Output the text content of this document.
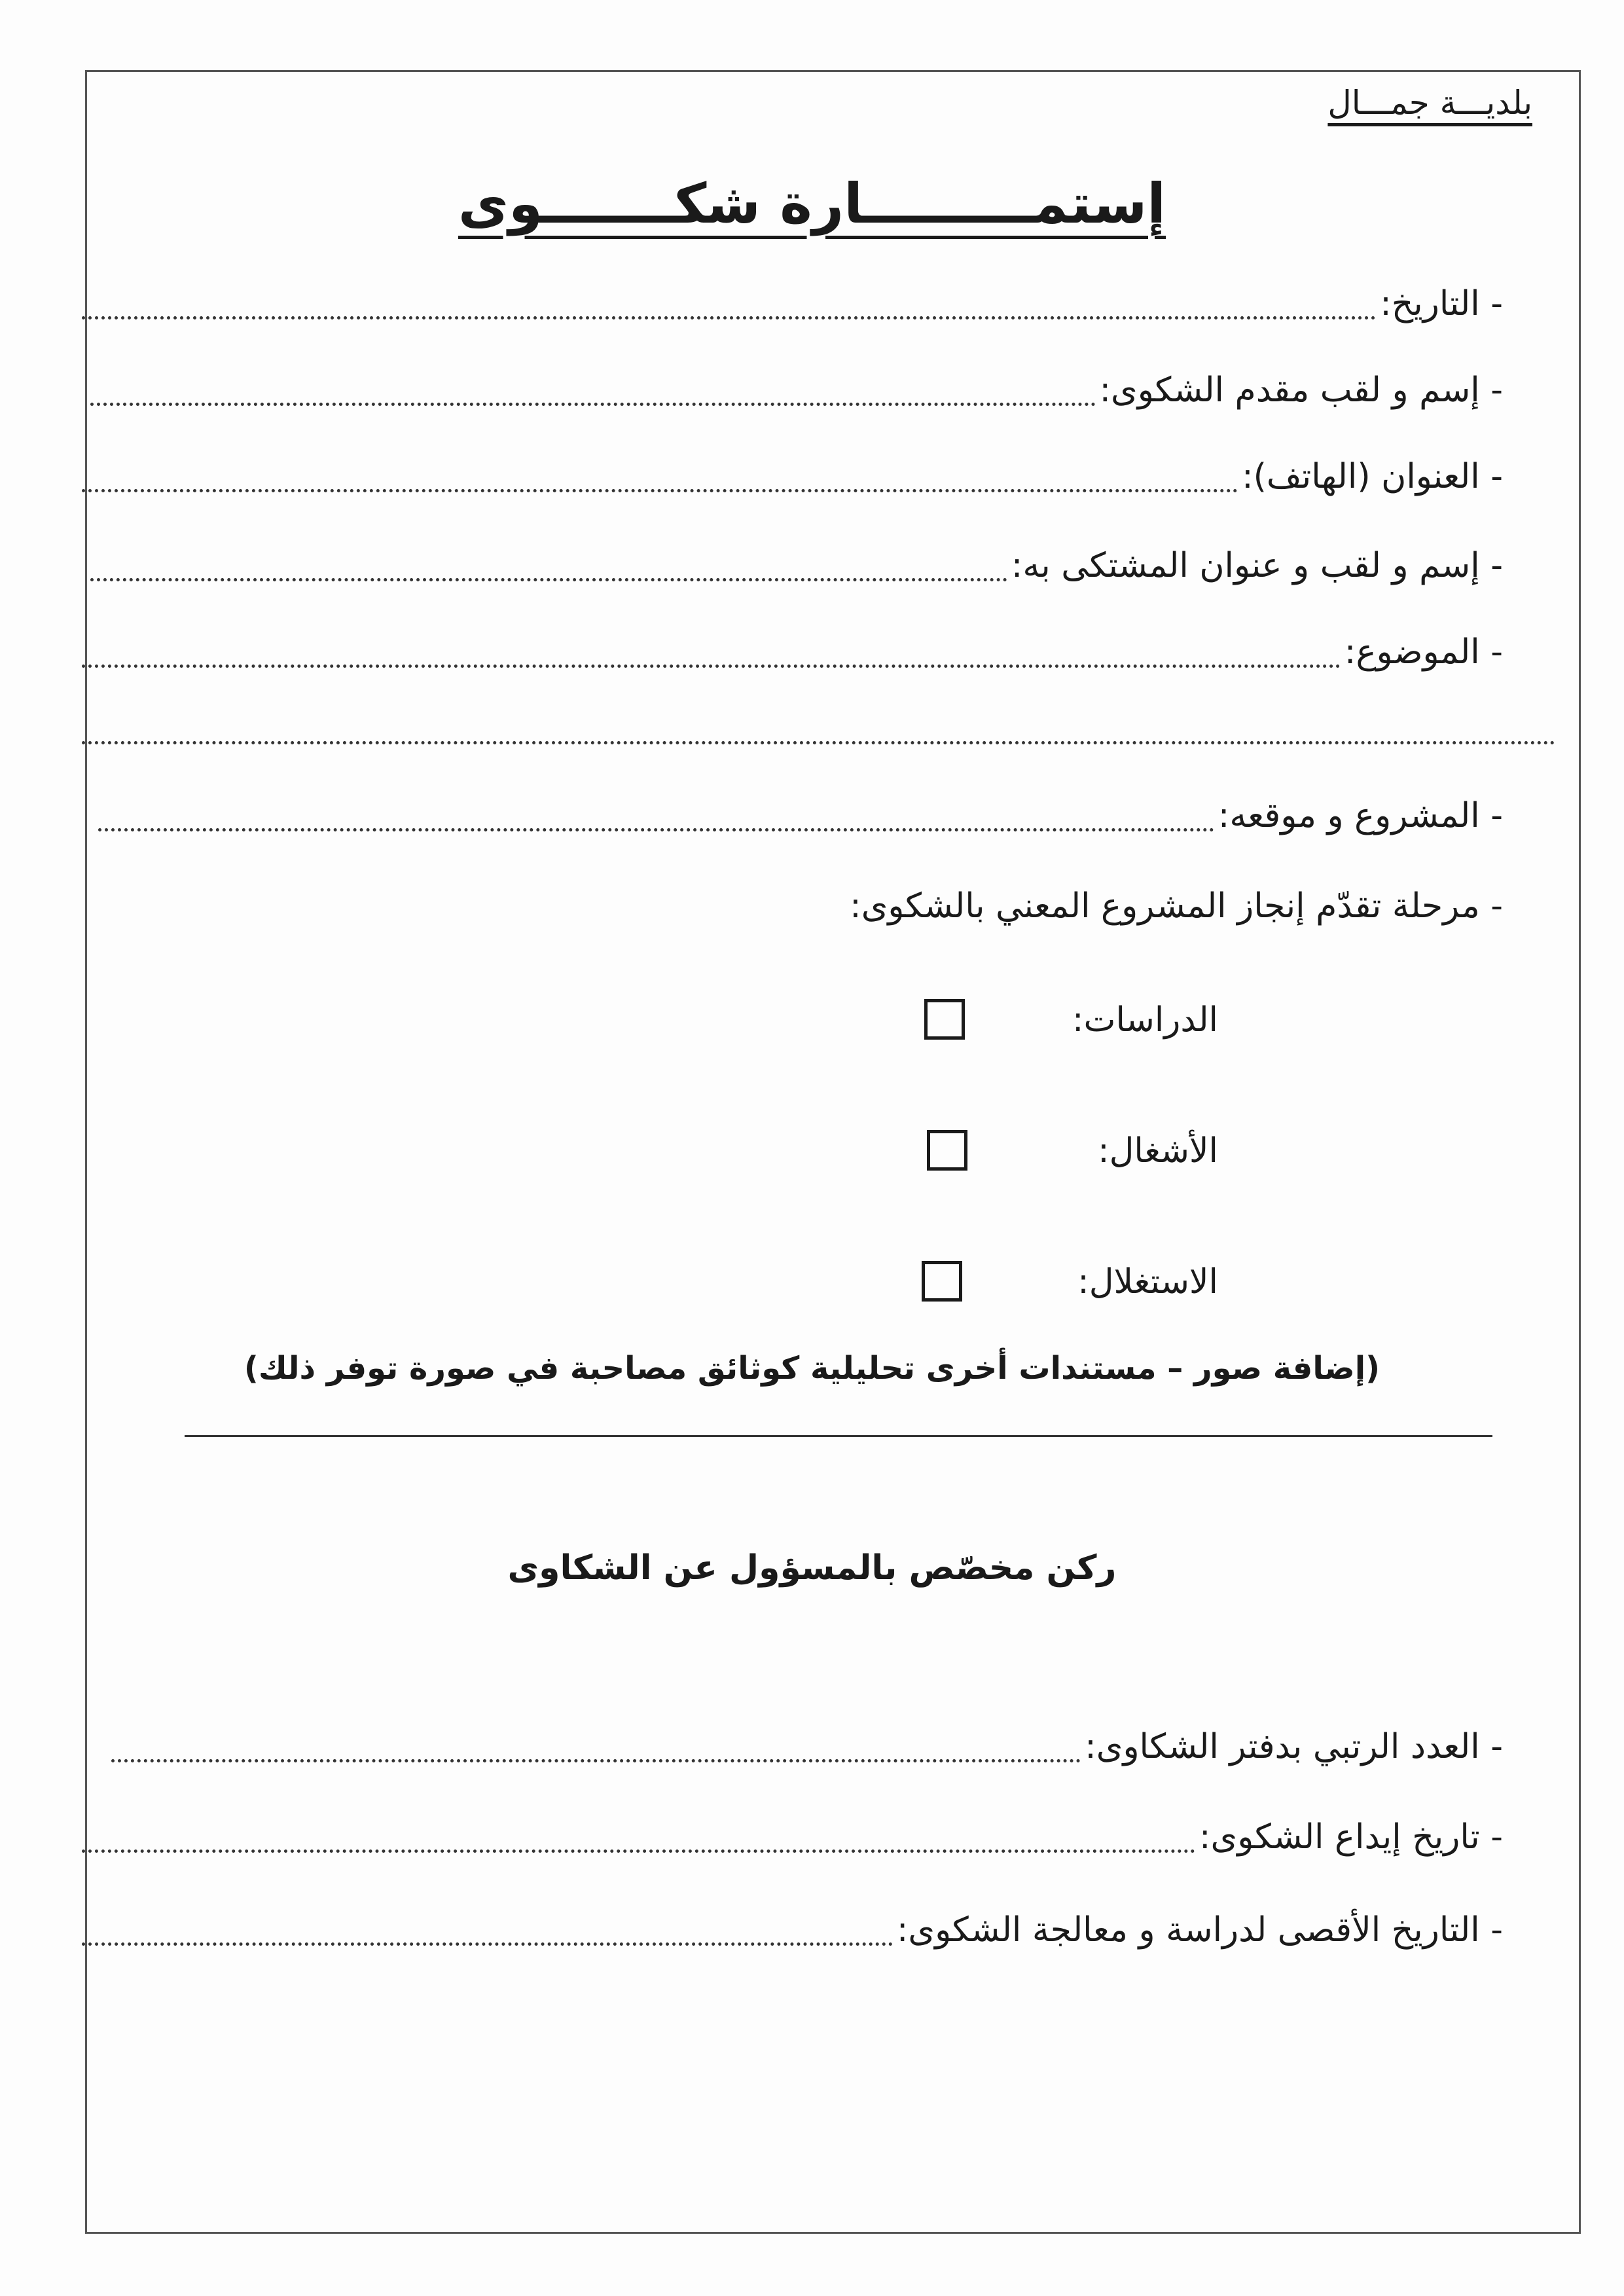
بلديـــة جمـــال
إستمـــــــــارة شكـــــــوى
- التاريخ:
- إسم و لقب مقدم الشكوى:
- العنوان (الهاتف):
- إسم و لقب و عنوان المشتكى به:
- الموضوع:
- المشروع و موقعه:
- مرحلة تقدّم إنجاز المشروع المعني بالشكوى:
الدراسات:
الأشغال:
الاستغلال:
(إضافة صور – مستندات أخرى تحليلية كوثائق مصاحبة في صورة توفر ذلك)
ركن مخصّص بالمسؤول عن الشكاوى
- العدد الرتبي بدفتر الشكاوى:
- تاريخ إيداع الشكوى:
- التاريخ الأقصى لدراسة و معالجة الشكوى:
